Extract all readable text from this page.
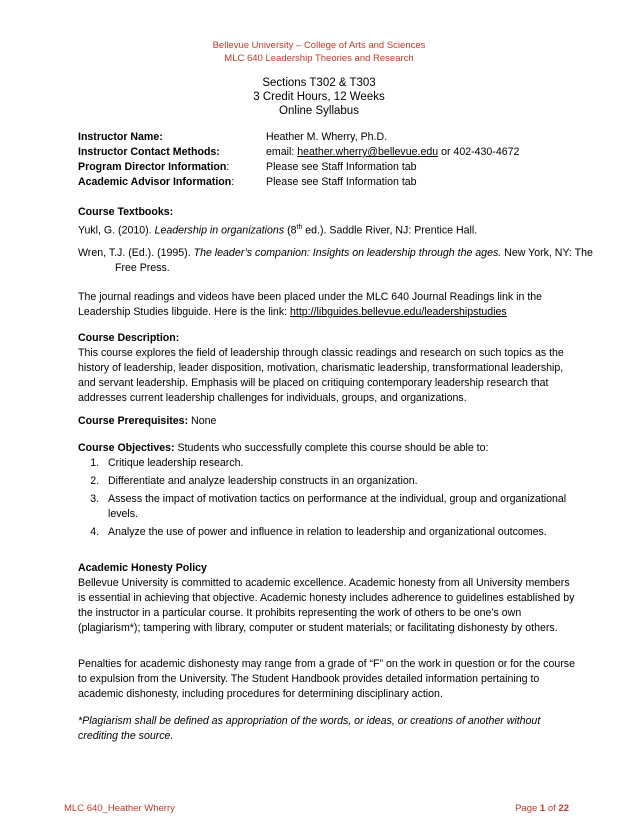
Bellevue University – College of Arts and Sciences
MLC 640 Leadership Theories and Research
Sections T302 & T303
3 Credit Hours, 12 Weeks
Online Syllabus
Instructor Name:	Heather M. Wherry, Ph.D.
Instructor Contact Methods:	email: heather.wherry@bellevue.edu or 402-430-4672
Program Director Information:	Please see Staff Information tab
Academic Advisor Information:	Please see Staff Information tab
Course Textbooks:
Yukl, G. (2010). Leadership in organizations (8th ed.). Saddle River, NJ: Prentice Hall.
Wren, T.J. (Ed.). (1995). The leader’s companion: Insights on leadership through the ages. New York, NY: The Free Press.
The journal readings and videos have been placed under the MLC 640 Journal Readings link in the Leadership Studies libguide. Here is the link: http://libguides.bellevue.edu/leadershipstudies
Course Description:
This course explores the field of leadership through classic readings and research on such topics as the history of leadership, leader disposition, motivation, charismatic leadership, transformational leadership, and servant leadership. Emphasis will be placed on critiquing contemporary leadership research that addresses current leadership challenges for individuals, groups, and organizations.
Course Prerequisites: None
Course Objectives: Students who successfully complete this course should be able to:
1. Critique leadership research.
2. Differentiate and analyze leadership constructs in an organization.
3. Assess the impact of motivation tactics on performance at the individual, group and organizational levels.
4. Analyze the use of power and influence in relation to leadership and organizational outcomes.
Academic Honesty Policy
Bellevue University is committed to academic excellence. Academic honesty from all University members is essential in achieving that objective. Academic honesty includes adherence to guidelines established by the instructor in a particular course. It prohibits representing the work of others to be one’s own (plagiarism*); tampering with library, computer or student materials; or facilitating dishonesty by others.
Penalties for academic dishonesty may range from a grade of “F” on the work in question or for the course to expulsion from the University. The Student Handbook provides detailed information pertaining to academic dishonesty, including procedures for determining disciplinary action.
*Plagiarism shall be defined as appropriation of the words, or ideas, or creations of another without crediting the source.
MLC 640_Heather Wherry	Page 1 of 22
